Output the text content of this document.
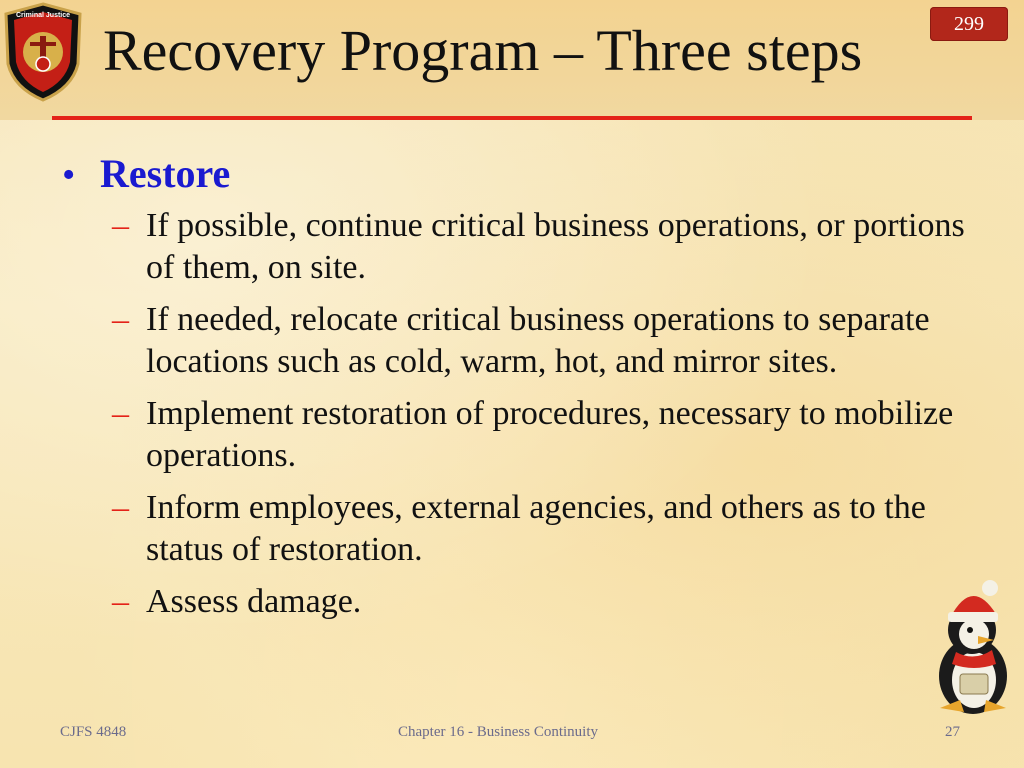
Criminal Justice
Recovery Program – Three steps	299
• Restore
– If possible, continue critical business operations, or portions of them, on site.
– If needed, relocate critical business operations to separate locations such as cold, warm, hot, and mirror sites.
– Implement restoration of procedures, necessary to mobilize operations.
– Inform employees, external agencies, and others as to the status of restoration.
– Assess damage.
CJFS 4848	Chapter 16 - Business Continuity	27
